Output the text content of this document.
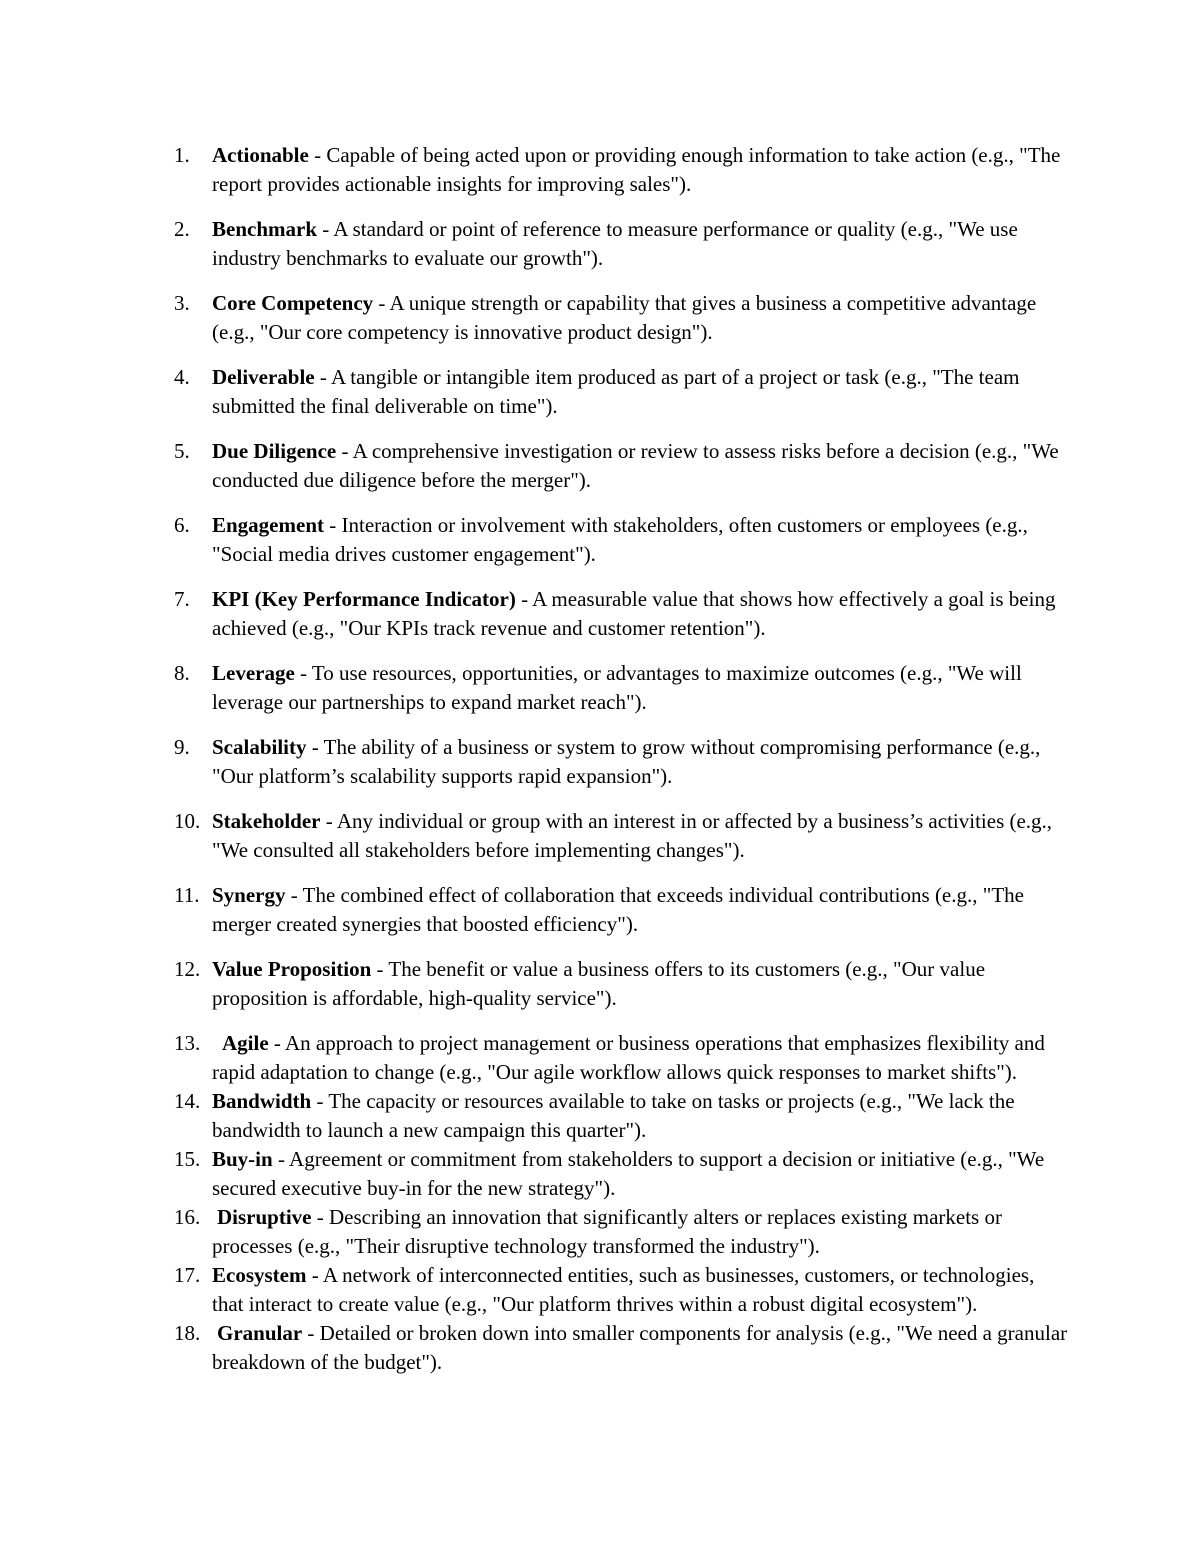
1. Actionable - Capable of being acted upon or providing enough information to take action (e.g., "The report provides actionable insights for improving sales").
2. Benchmark - A standard or point of reference to measure performance or quality (e.g., "We use industry benchmarks to evaluate our growth").
3. Core Competency - A unique strength or capability that gives a business a competitive advantage (e.g., "Our core competency is innovative product design").
4. Deliverable - A tangible or intangible item produced as part of a project or task (e.g., "The team submitted the final deliverable on time").
5. Due Diligence - A comprehensive investigation or review to assess risks before a decision (e.g., "We conducted due diligence before the merger").
6. Engagement - Interaction or involvement with stakeholders, often customers or employees (e.g., "Social media drives customer engagement").
7. KPI (Key Performance Indicator) - A measurable value that shows how effectively a goal is being achieved (e.g., "Our KPIs track revenue and customer retention").
8. Leverage - To use resources, opportunities, or advantages to maximize outcomes (e.g., "We will leverage our partnerships to expand market reach").
9. Scalability - The ability of a business or system to grow without compromising performance (e.g., "Our platform’s scalability supports rapid expansion").
10. Stakeholder - Any individual or group with an interest in or affected by a business’s activities (e.g., "We consulted all stakeholders before implementing changes").
11. Synergy - The combined effect of collaboration that exceeds individual contributions (e.g., "The merger created synergies that boosted efficiency").
12. Value Proposition - The benefit or value a business offers to its customers (e.g., "Our value proposition is affordable, high-quality service").
13. Agile - An approach to project management or business operations that emphasizes flexibility and rapid adaptation to change (e.g., "Our agile workflow allows quick responses to market shifts").
14. Bandwidth - The capacity or resources available to take on tasks or projects (e.g., "We lack the bandwidth to launch a new campaign this quarter").
15. Buy-in - Agreement or commitment from stakeholders to support a decision or initiative (e.g., "We secured executive buy-in for the new strategy").
16. Disruptive - Describing an innovation that significantly alters or replaces existing markets or processes (e.g., "Their disruptive technology transformed the industry").
17. Ecosystem - A network of interconnected entities, such as businesses, customers, or technologies, that interact to create value (e.g., "Our platform thrives within a robust digital ecosystem").
18. Granular - Detailed or broken down into smaller components for analysis (e.g., "We need a granular breakdown of the budget").
